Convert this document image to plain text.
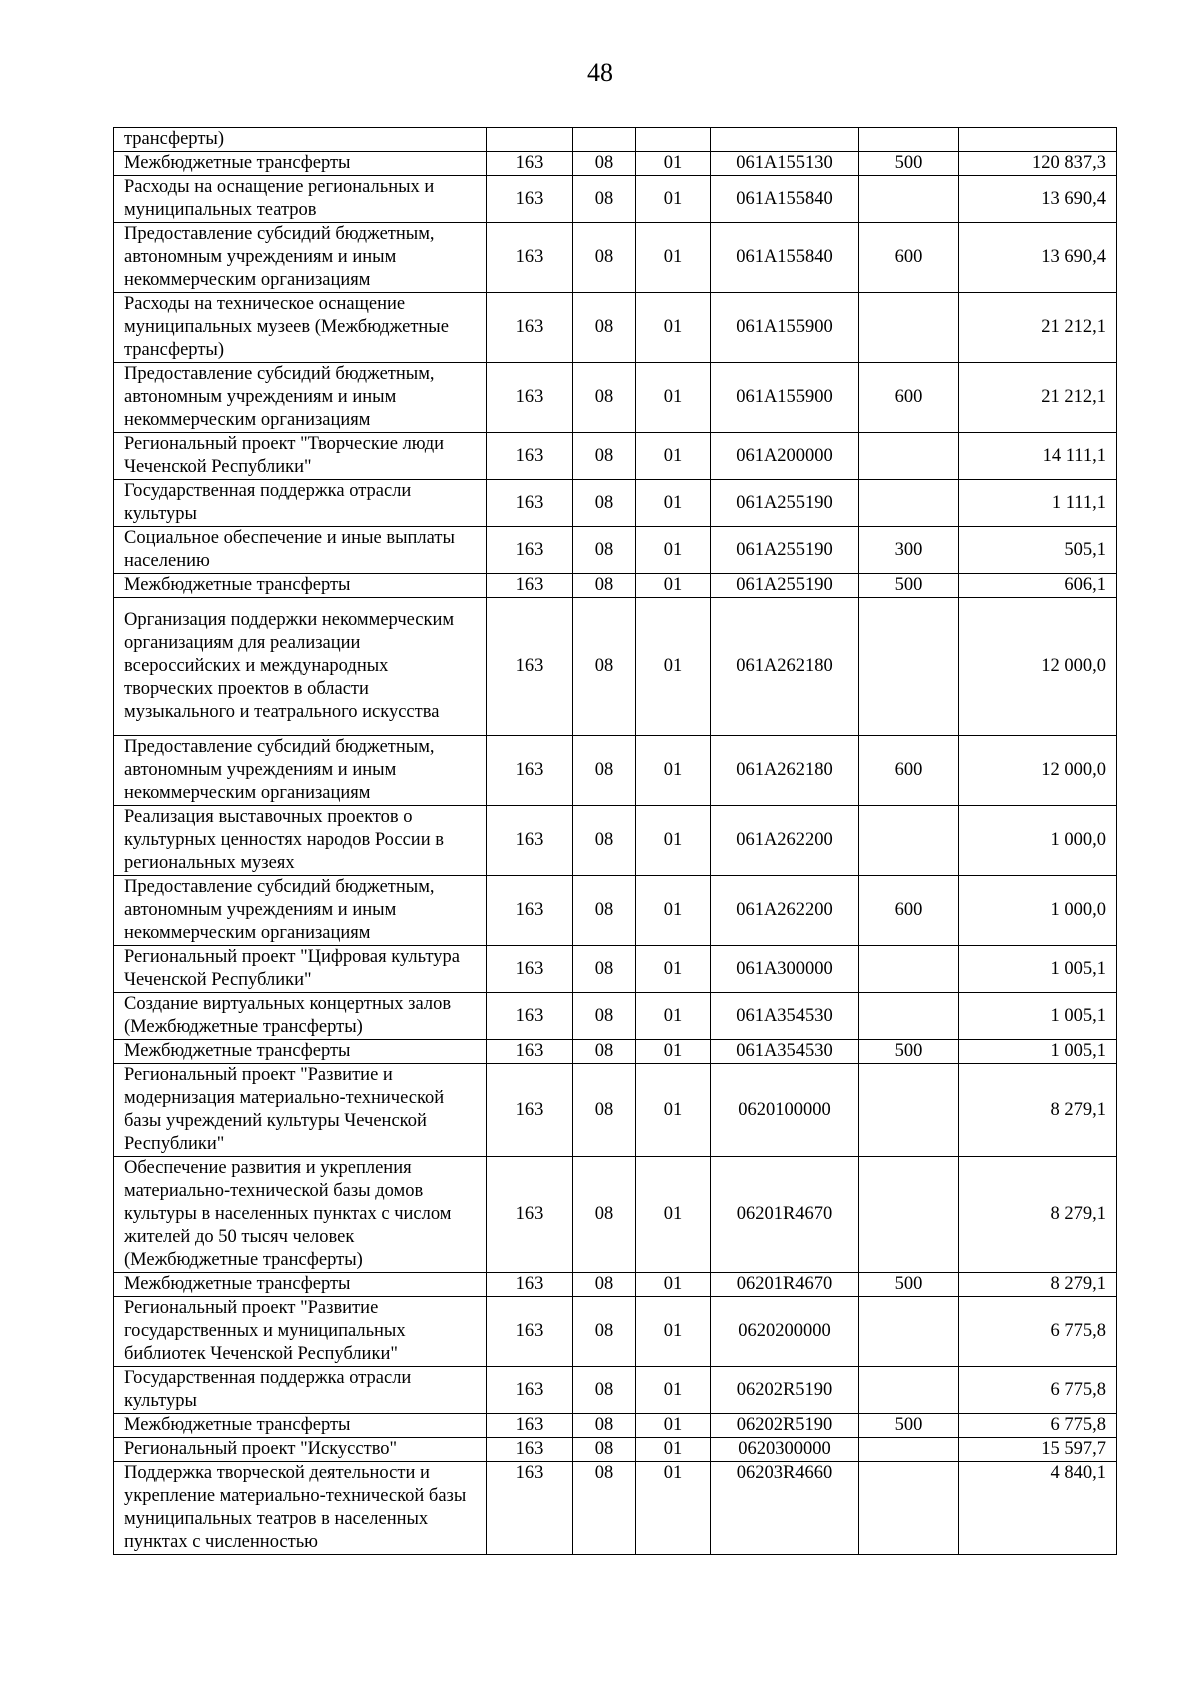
48
трансферты)						
Межбюджетные трансферты	163	08	01	061A155130	500	120 837,3
Расходы на оснащение региональных и муниципальных театров	163	08	01	061A155840		13 690,4
Предоставление субсидий бюджетным, автономным учреждениям и иным некоммерческим организациям	163	08	01	061A155840	600	13 690,4
Расходы на техническое оснащение муниципальных музеев (Межбюджетные трансферты)	163	08	01	061A155900		21 212,1
Предоставление субсидий бюджетным, автономным учреждениям и иным некоммерческим организациям	163	08	01	061A155900	600	21 212,1
Региональный проект "Творческие люди Чеченской Республики"	163	08	01	061A200000		14 111,1
Государственная поддержка отрасли культуры	163	08	01	061A255190		1 111,1
Социальное обеспечение и иные выплаты населению	163	08	01	061A255190	300	505,1
Межбюджетные трансферты	163	08	01	061A255190	500	606,1
Организация поддержки некоммерческим организациям для реализации всероссийских и международных творческих проектов в области музыкального и театрального искусства	163	08	01	061A262180		12 000,0
Предоставление субсидий бюджетным, автономным учреждениям и иным некоммерческим организациям	163	08	01	061A262180	600	12 000,0
Реализация выставочных проектов о культурных ценностях народов России в региональных музеях	163	08	01	061A262200		1 000,0
Предоставление субсидий бюджетным, автономным учреждениям и иным некоммерческим организациям	163	08	01	061A262200	600	1 000,0
Региональный проект "Цифровая культура Чеченской Республики"	163	08	01	061A300000		1 005,1
Создание виртуальных концертных залов (Межбюджетные трансферты)	163	08	01	061A354530		1 005,1
Межбюджетные трансферты	163	08	01	061A354530	500	1 005,1
Региональный проект "Развитие и модернизация материально-технической базы учреждений культуры Чеченской Республики"	163	08	01	0620100000		8 279,1
Обеспечение развития и укрепления материально-технической базы домов культуры в населенных пунктах с числом жителей до 50 тысяч человек (Межбюджетные трансферты)	163	08	01	06201R4670		8 279,1
Межбюджетные трансферты	163	08	01	06201R4670	500	8 279,1
Региональный проект "Развитие государственных и муниципальных библиотек Чеченской Республики"	163	08	01	0620200000		6 775,8
Государственная поддержка отрасли культуры	163	08	01	06202R5190		6 775,8
Межбюджетные трансферты	163	08	01	06202R5190	500	6 775,8
Региональный проект "Искусство"	163	08	01	0620300000		15 597,7
Поддержка творческой деятельности и укрепление материально-технической базы муниципальных театров в населенных пунктах с численностью	163	08	01	06203R4660		4 840,1
